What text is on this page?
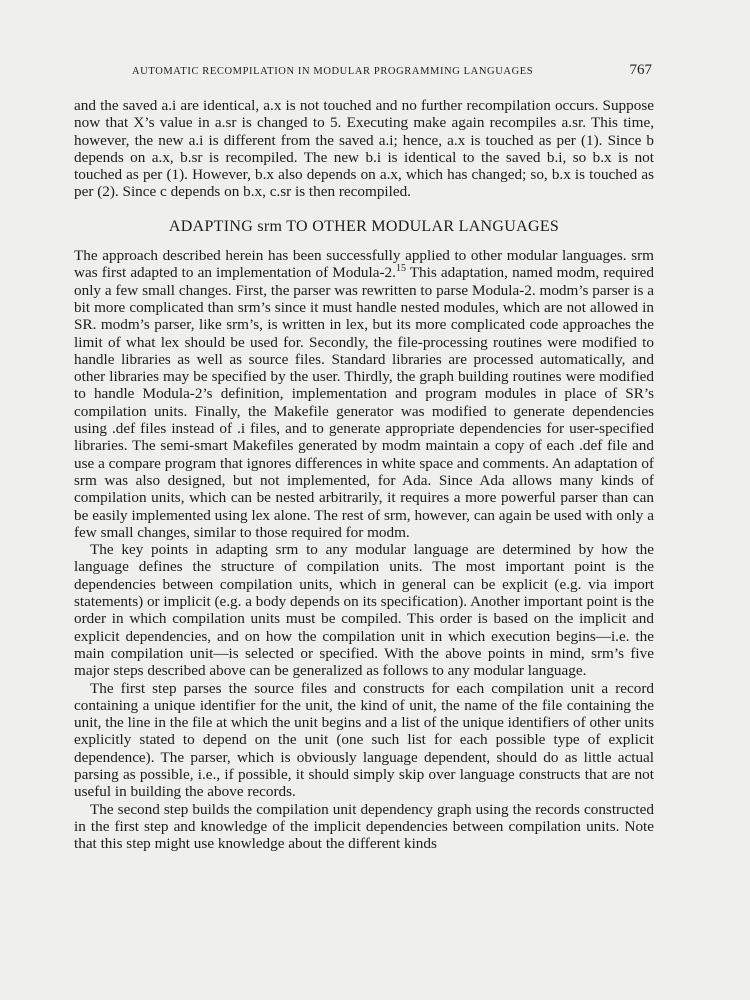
AUTOMATIC RECOMPILATION IN MODULAR PROGRAMMING LANGUAGES	767

and the saved a.i are identical, a.x is not touched and no further recompilation occurs. Suppose now that X’s value in a.sr is changed to 5. Executing make again recompiles a.sr. This time, however, the new a.i is different from the saved a.i; hence, a.x is touched as per (1). Since b depends on a.x, b.sr is recompiled. The new b.i is identical to the saved b.i, so b.x is not touched as per (1). However, b.x also depends on a.x, which has changed; so, b.x is touched as per (2). Since c depends on b.x, c.sr is then recompiled.

ADAPTING srm TO OTHER MODULAR LANGUAGES

The approach described herein has been successfully applied to other modular languages. srm was first adapted to an implementation of Modula-2.15 This adaptation, named modm, required only a few small changes. First, the parser was rewritten to parse Modula-2. modm’s parser is a bit more complicated than srm’s since it must handle nested modules, which are not allowed in SR. modm’s parser, like srm’s, is written in lex, but its more complicated code approaches the limit of what lex should be used for. Secondly, the file-processing routines were modified to handle libraries as well as source files. Standard libraries are processed automatically, and other libraries may be specified by the user. Thirdly, the graph building routines were modified to handle Modula-2’s definition, implementation and program modules in place of SR’s compilation units. Finally, the Makefile generator was modified to generate dependencies using .def files instead of .i files, and to generate appropriate dependencies for user-specified libraries. The semi-smart Makefiles generated by modm maintain a copy of each .def file and use a compare program that ignores differences in white space and comments. An adaptation of srm was also designed, but not implemented, for Ada. Since Ada allows many kinds of compilation units, which can be nested arbitrarily, it requires a more powerful parser than can be easily implemented using lex alone. The rest of srm, however, can again be used with only a few small changes, similar to those required for modm.

The key points in adapting srm to any modular language are determined by how the language defines the structure of compilation units. The most important point is the dependencies between compilation units, which in general can be explicit (e.g. via import statements) or implicit (e.g. a body depends on its specification). Another important point is the order in which compilation units must be compiled. This order is based on the implicit and explicit dependencies, and on how the compilation unit in which execution begins—i.e. the main compilation unit—is selected or specified. With the above points in mind, srm’s five major steps described above can be generalized as follows to any modular language.

The first step parses the source files and constructs for each compilation unit a record containing a unique identifier for the unit, the kind of unit, the name of the file containing the unit, the line in the file at which the unit begins and a list of the unique identifiers of other units explicitly stated to depend on the unit (one such list for each possible type of explicit dependence). The parser, which is obviously language dependent, should do as little actual parsing as possible, i.e., if possible, it should simply skip over language constructs that are not useful in building the above records.

The second step builds the compilation unit dependency graph using the records constructed in the first step and knowledge of the implicit dependencies between compilation units. Note that this step might use knowledge about the different kinds
